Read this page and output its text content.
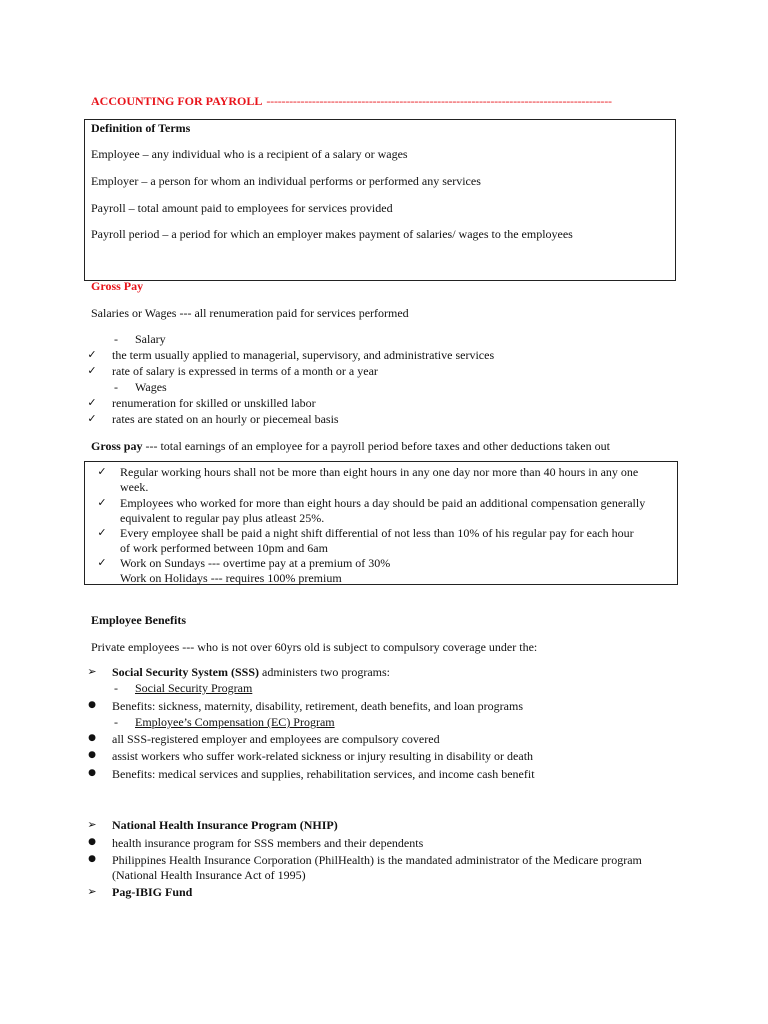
ACCOUNTING FOR PAYROLL -------------------------------------------------------------------------------------------
Definition of Terms
Employee – any individual who is a recipient of a salary or wages
Employer – a person for whom an individual performs or performed any services
Payroll – total amount paid to employees for services provided
Payroll period – a period for which an employer makes payment of salaries/ wages to the employees
Gross Pay
Salaries or Wages --- all renumeration paid for services performed
-	Salary
✓ the term usually applied to managerial, supervisory, and administrative services
✓ rate of salary is expressed in terms of a month or a year
-	Wages
✓ renumeration for skilled or unskilled labor
✓ rates are stated on an hourly or piecemeal basis
Gross pay --- total earnings of an employee for a payroll period before taxes and other deductions taken out
✓ Regular working hours shall not be more than eight hours in any one day nor more than 40 hours in any one
week.
✓ Employees who worked for more than eight hours a day should be paid an additional compensation generally
equivalent to regular pay plus atleast 25%.
✓ Every employee shall be paid a night shift differential of not less than 10% of his regular pay for each hour
of work performed between 10pm and 6am
✓ Work on Sundays --- overtime pay at a premium of 30%
Work on Holidays --- requires 100% premium
Employee Benefits
Private employees --- who is not over 60yrs old is subject to compulsory coverage under the:
➢ Social Security System (SSS) administers two programs:
-	Social Security Program
● Benefits: sickness, maternity, disability, retirement, death benefits, and loan programs
-	Employee’s Compensation (EC) Program
● all SSS-registered employer and employees are compulsory covered
● assist workers who suffer work-related sickness or injury resulting in disability or death
● Benefits: medical services and supplies, rehabilitation services, and income cash benefit
➢ National Health Insurance Program (NHIP)
● health insurance program for SSS members and their dependents
● Philippines Health Insurance Corporation (PhilHealth) is the mandated administrator of the Medicare program
(National Health Insurance Act of 1995)
➢ Pag-IBIG Fund
